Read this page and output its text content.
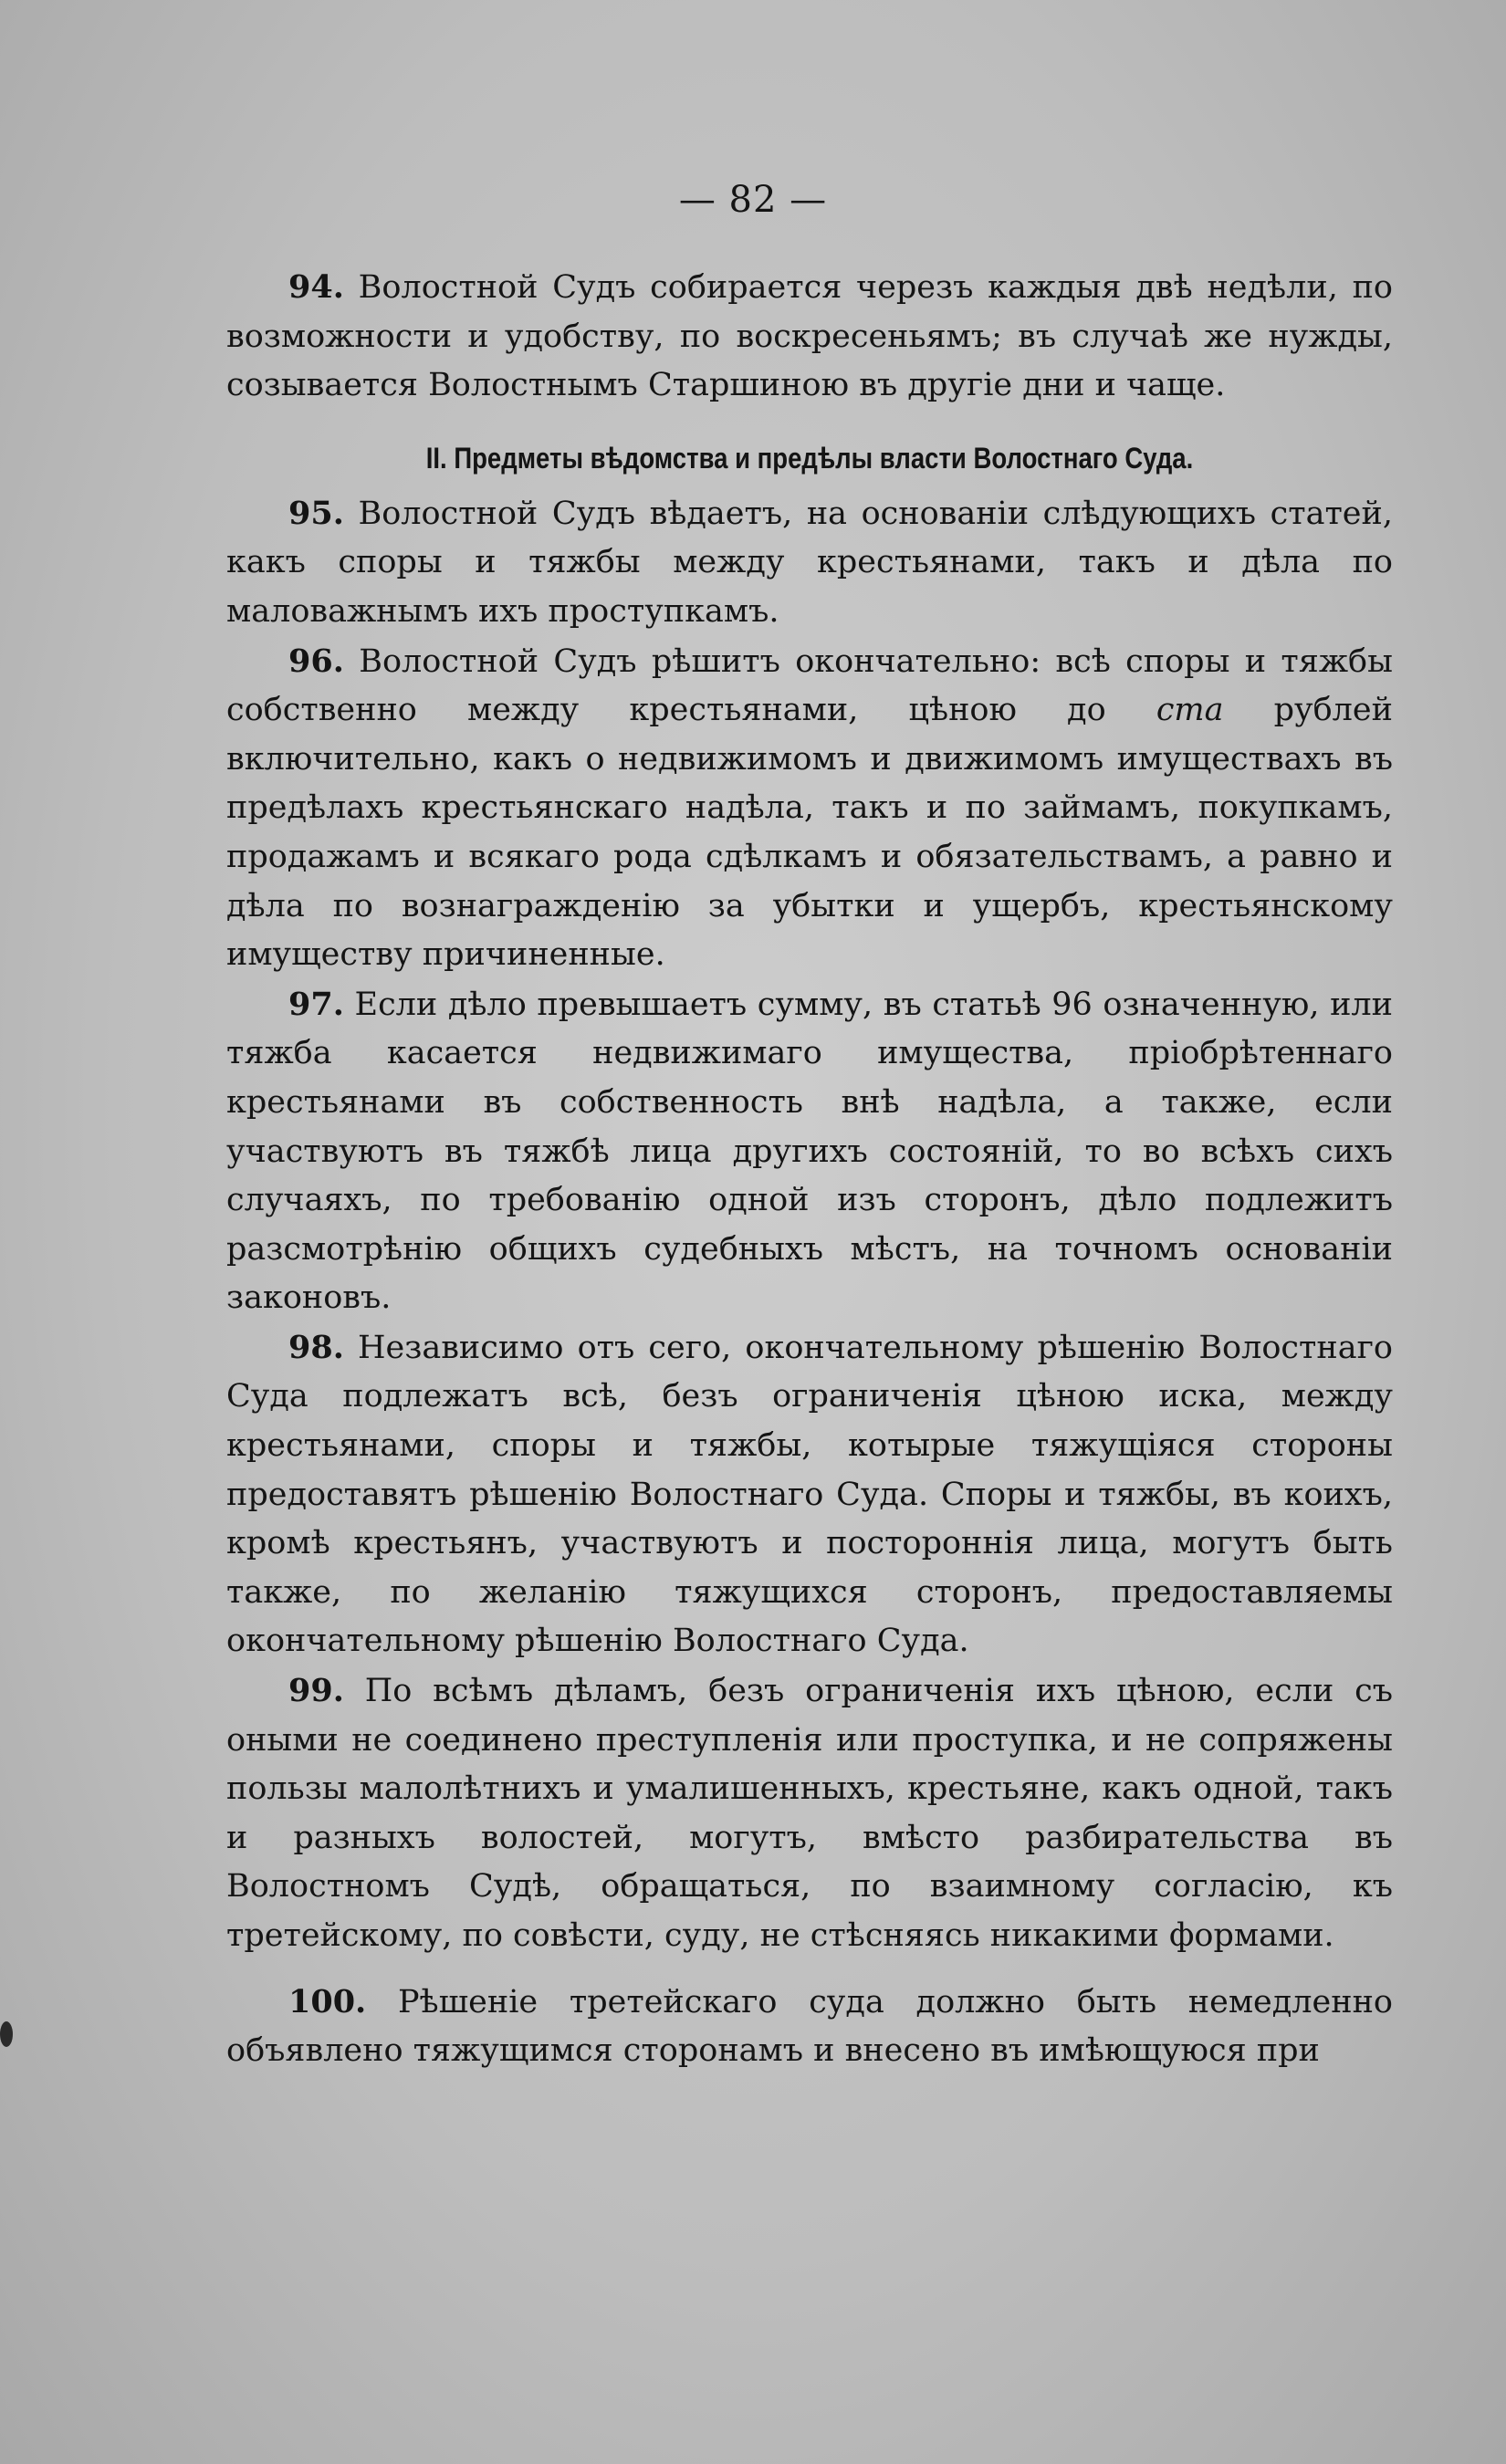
— 82 —

94. Волостной Судъ собирается черезъ каждыя двѣ недѣли, по возможности и удобству, по воскресеньямъ; въ случаѣ же нужды, созывается Волостнымъ Старшиною въ другіе дни и чаще.

II. Предметы вѣдомства и предѣлы власти Волостнаго Суда.

95. Волостной Судъ вѣдаетъ, на основаніи слѣдующихъ статей, какъ споры и тяжбы между крестьянами, такъ и дѣла по маловажнымъ ихъ проступкамъ.

96. Волостной Судъ рѣшитъ окончательно: всѣ споры и тяжбы собственно между крестьянами, цѣною до ста рублей включительно, какъ о недвижимомъ и движимомъ имуществахъ въ предѣлахъ крестьянскаго надѣла, такъ и по займамъ, покупкамъ, продажамъ и всякаго рода сдѣлкамъ и обязательствамъ, а равно и дѣла по вознагражденію за убытки и ущербъ, крестьянскому имуществу причиненные.

97. Если дѣло превышаетъ сумму, въ статьѣ 96 означенную, или тяжба касается недвижимаго имущества, пріобрѣтеннаго крестьянами въ собственность внѣ надѣла, а также, если участвуютъ въ тяжбѣ лица другихъ состояній, то во всѣхъ сихъ случаяхъ, по требованію одной изъ сторонъ, дѣло подлежитъ разсмотрѣнію общихъ судебныхъ мѣстъ, на точномъ основаніи законовъ.

98. Независимо отъ сего, окончательному рѣшенію Волостнаго Суда подлежатъ всѣ, безъ ограниченія цѣною иска, между крестьянами, споры и тяжбы, котырые тяжущіяся стороны предоставятъ рѣшенію Волостнаго Суда. Споры и тяжбы, въ коихъ, кромѣ крестьянъ, участвуютъ и постороннія лица, могутъ быть также, по желанію тяжущихся сторонъ, предоставляемы окончательному рѣшенію Волостнаго Суда.

99. По всѣмъ дѣламъ, безъ ограниченія ихъ цѣною, если съ оными не соединено преступленія или проступка, и не сопряжены пользы малолѣтнихъ и умалишенныхъ, крестьяне, какъ одной, такъ и разныхъ волостей, могутъ, вмѣсто разбирательства въ Волостномъ Судѣ, обращаться, по взаимному согласію, къ третейскому, по совѣсти, суду, не стѣсняясь никакими формами.

100. Рѣшеніе третейскаго суда должно быть немедленно объявлено тяжущимся сторонамъ и внесено въ имѣющуюся при
